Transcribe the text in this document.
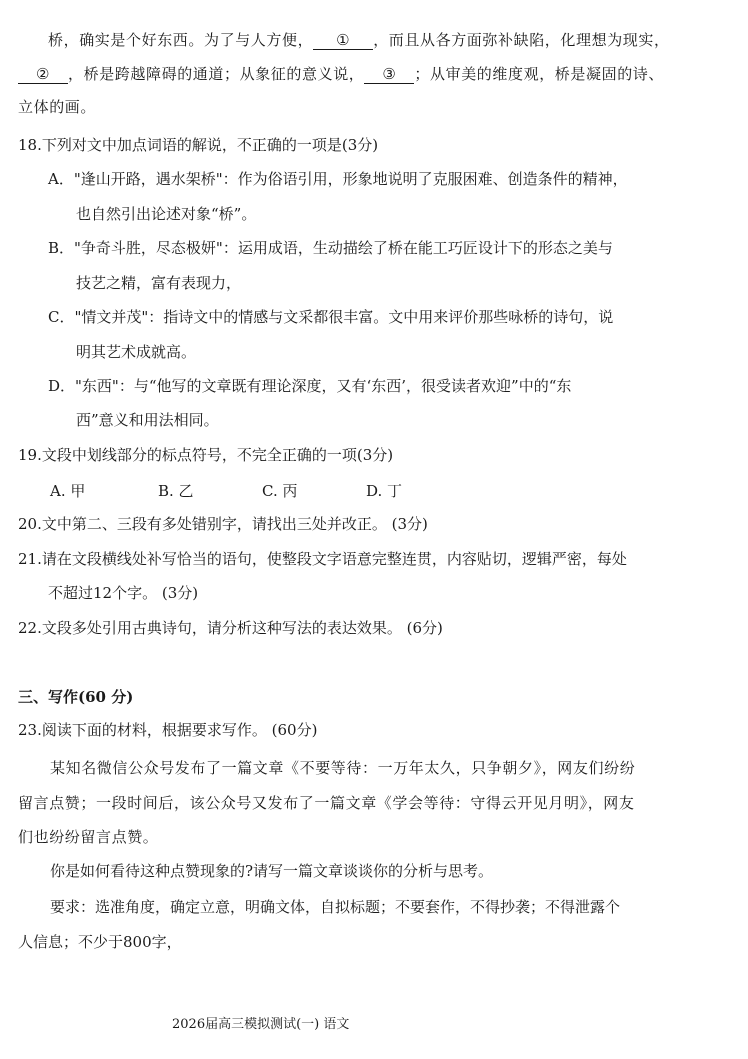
桥，确实是个好东西。为了与人方便， ① ，而且从各方面弥补缺陷，化理想为现实，
② ，桥是跨越障碍的通道；从象征的意义说， ③ ；从审美的维度观，桥是凝固的诗、
立体的画。
18.下列对文中加点词语的解说，不正确的一项是(3分)
A．"逢山开路，遇水架桥"：作为俗语引用，形象地说明了克服困难、创造条件的精神，
也自然引出论述对象“桥”。
B．"争奇斗胜，尽态极妍"：运用成语，生动描绘了桥在能工巧匠设计下的形态之美与
技艺之精，富有表现力，
C．"情文并茂"：指诗文中的情感与文采都很丰富。文中用来评价那些咏桥的诗句，说
明其艺术成就高。
D．"东西"：与“他写的文章既有理论深度，又有‘东西’，很受读者欢迎”中的“东
西”意义和用法相同。
19.文段中划线部分的标点符号，不完全正确的一项(3分)
A. 甲	B. 乙	C. 丙	D. 丁
20.文中第二、三段有多处错别字，请找出三处并改正。 (3分)
21.请在文段横线处补写恰当的语句，使整段文字语意完整连贯，内容贴切，逻辑严密，每处
不超过12个字。 (3分)
22.文段多处引用古典诗句，请分析这种写法的表达效果。 (6分)
三、写作(60 分)
23.阅读下面的材料，根据要求写作。 (60分)
某知名微信公众号发布了一篇文章《不要等待：一万年太久，只争朝夕》，网友们纷纷
留言点赞；一段时间后，该公众号又发布了一篇文章《学会等待：守得云开见月明》，网友
们也纷纷留言点赞。
你是如何看待这种点赞现象的?请写一篇文章谈谈你的分析与思考。
要求：选准角度，确定立意，明确文体，自拟标题；不要套作，不得抄袭；不得泄露个
人信息；不少于800字，
2026届高三模拟测试(一) 语文
